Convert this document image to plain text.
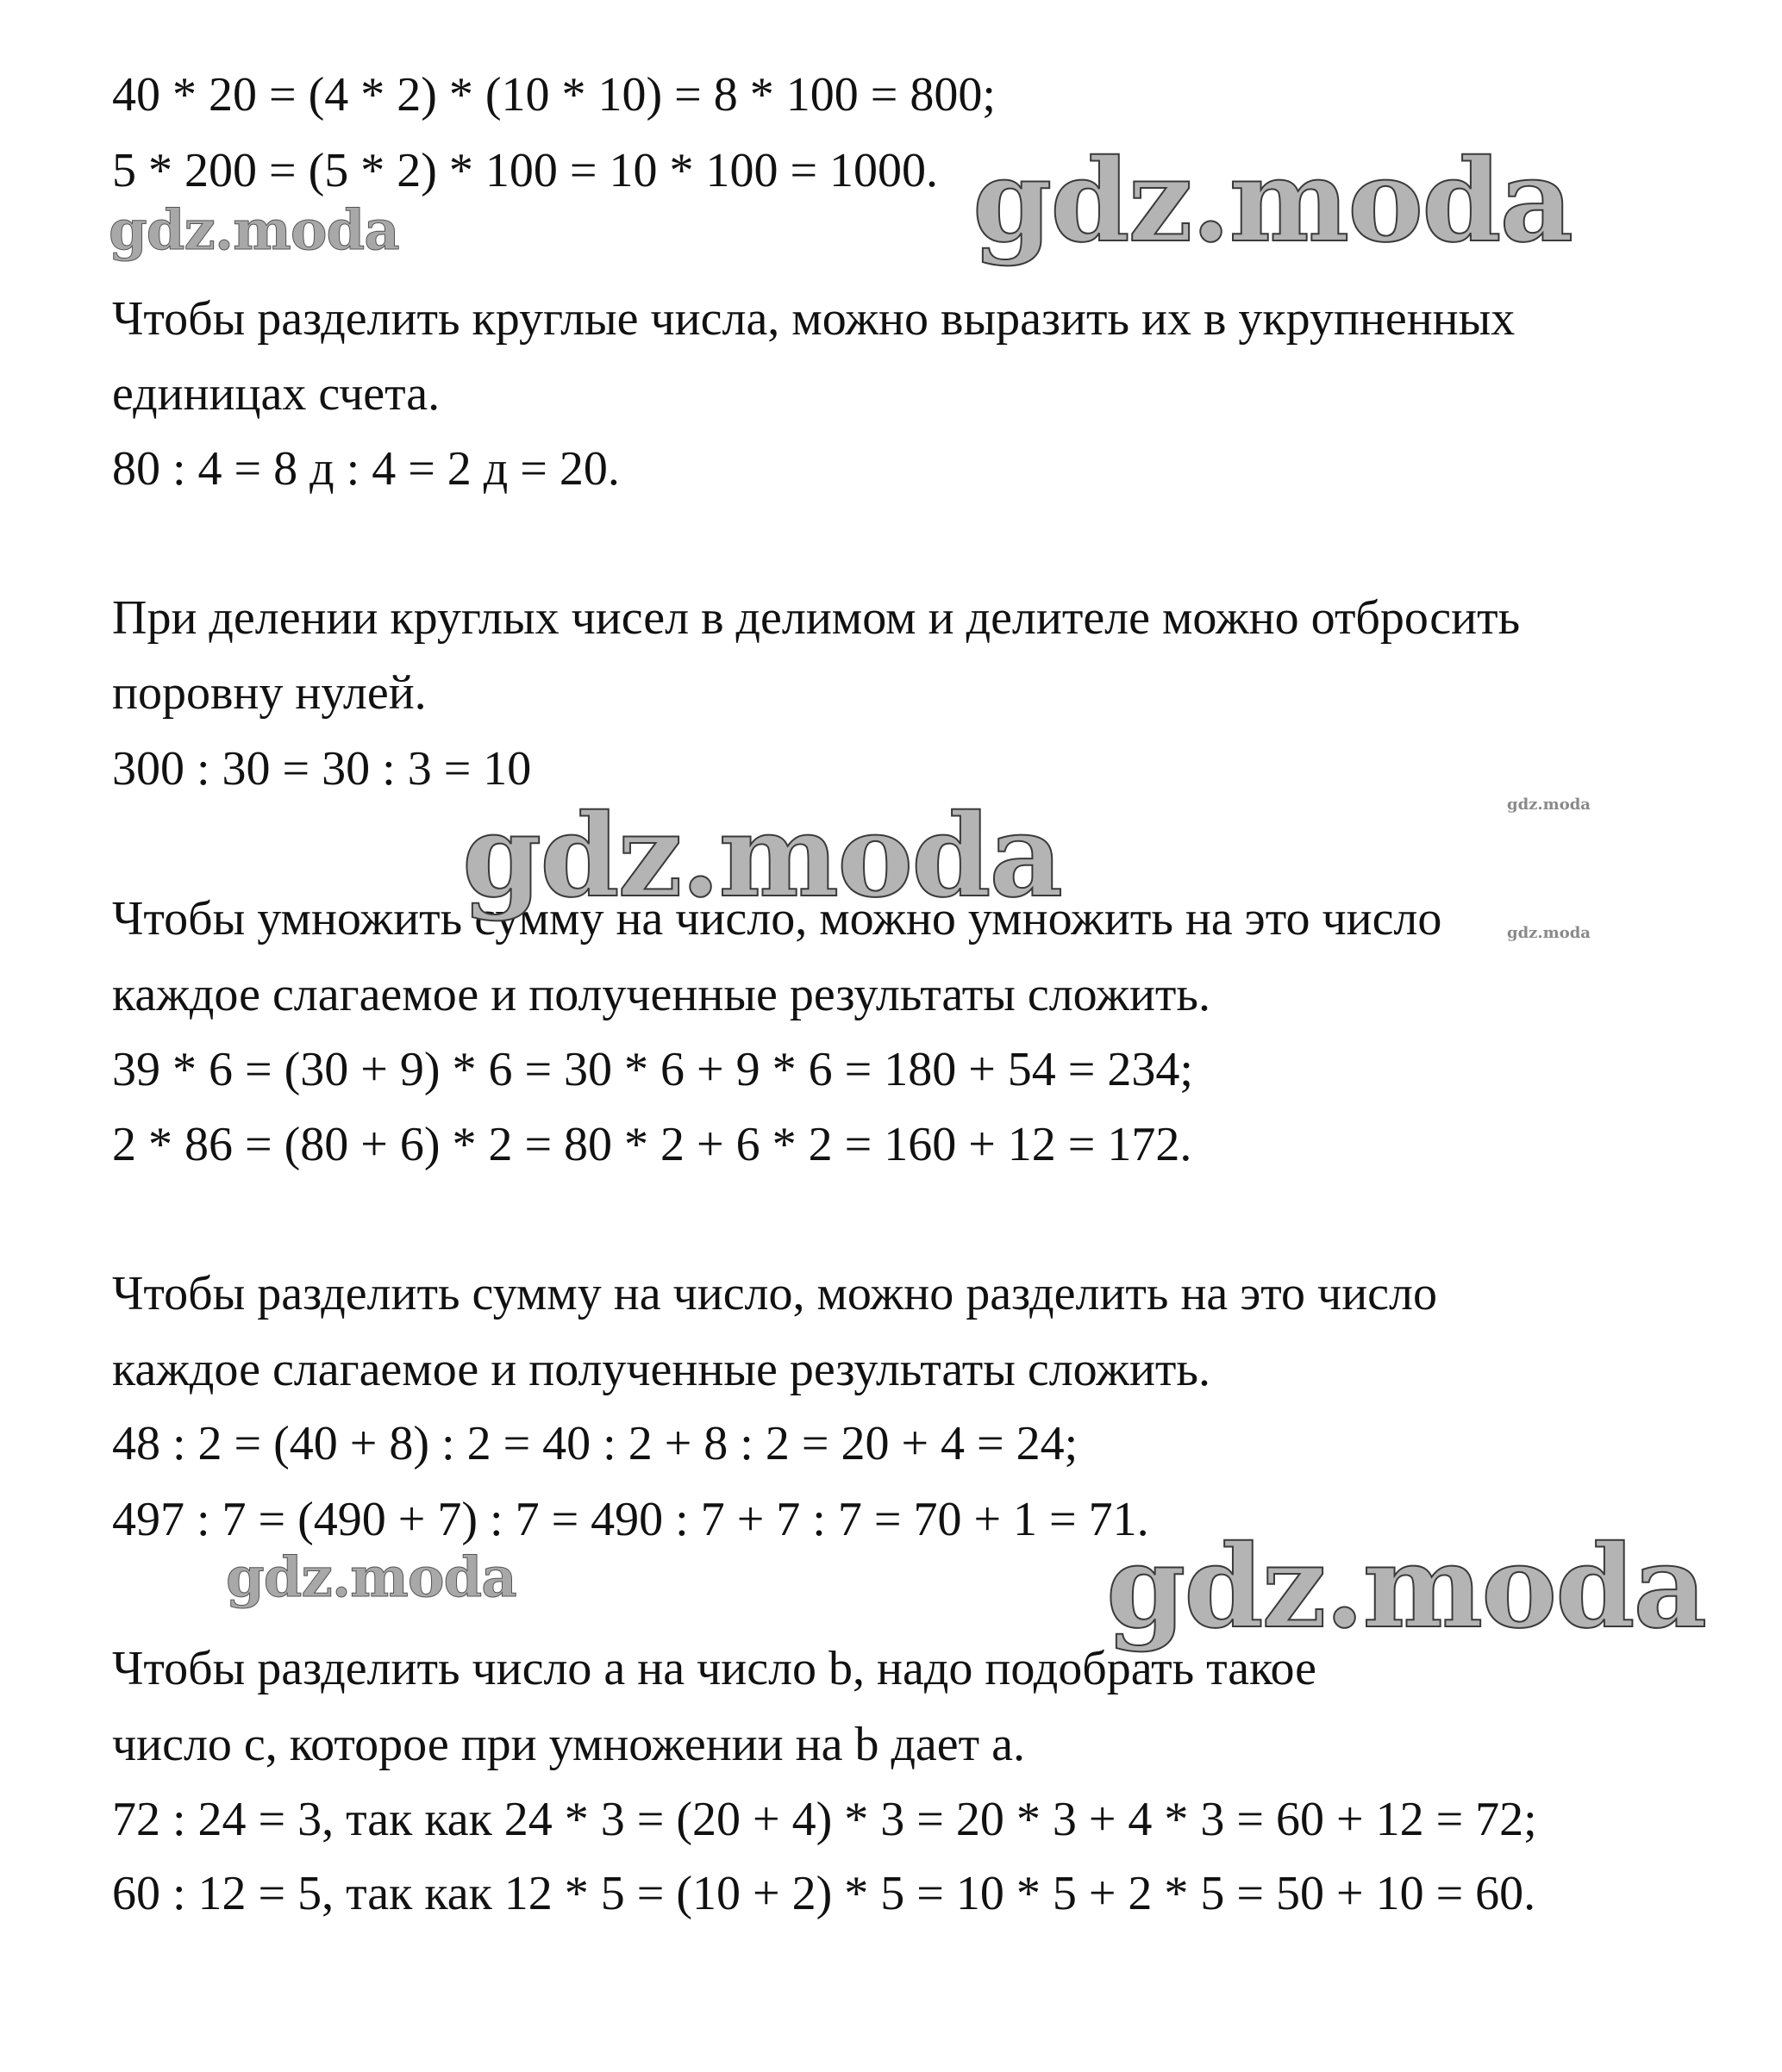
40 * 20 = (4 * 2) * (10 * 10) = 8 * 100 = 800;

5 * 200 = (5 * 2) * 100 = 10 * 100 = 1000.

Чтобы разделить круглые числа, можно выразить их в укрупненных

единицах счета.

80 : 4 = 8 д : 4 = 2 д = 20.

При делении круглых чисел в делимом и делителе можно отбросить

поровну нулей.

300 : 30 = 30 : 3 = 10

Чтобы умножить сумму на число, можно умножить на это число

каждое слагаемое и полученные результаты сложить.

39 * 6 = (30 + 9) * 6 = 30 * 6 + 9 * 6 = 180 + 54 = 234;

2 * 86 = (80 + 6) * 2 = 80 * 2 + 6 * 2 = 160 + 12 = 172.

Чтобы разделить сумму на число, можно разделить на это число

каждое слагаемое и полученные результаты сложить.

48 : 2 = (40 + 8) : 2 = 40 : 2 + 8 : 2 = 20 + 4 = 24;

497 : 7 = (490 + 7) : 7 = 490 : 7 + 7 : 7 = 70 + 1 = 71.

Чтобы разделить число a на число b, надо подобрать такое

число c, которое при умножении на b дает a.

72 : 24 = 3, так как 24 * 3 = (20 + 4) * 3 = 20 * 3 + 4 * 3 = 60 + 12 = 72;

60 : 12 = 5, так как 12 * 5 = (10 + 2) * 5 = 10 * 5 + 2 * 5 = 50 + 10 = 60.

gdz.moda

gdz.moda

gdz.moda	gdz.moda

gdz.moda

gdz.moda	gdz.moda
